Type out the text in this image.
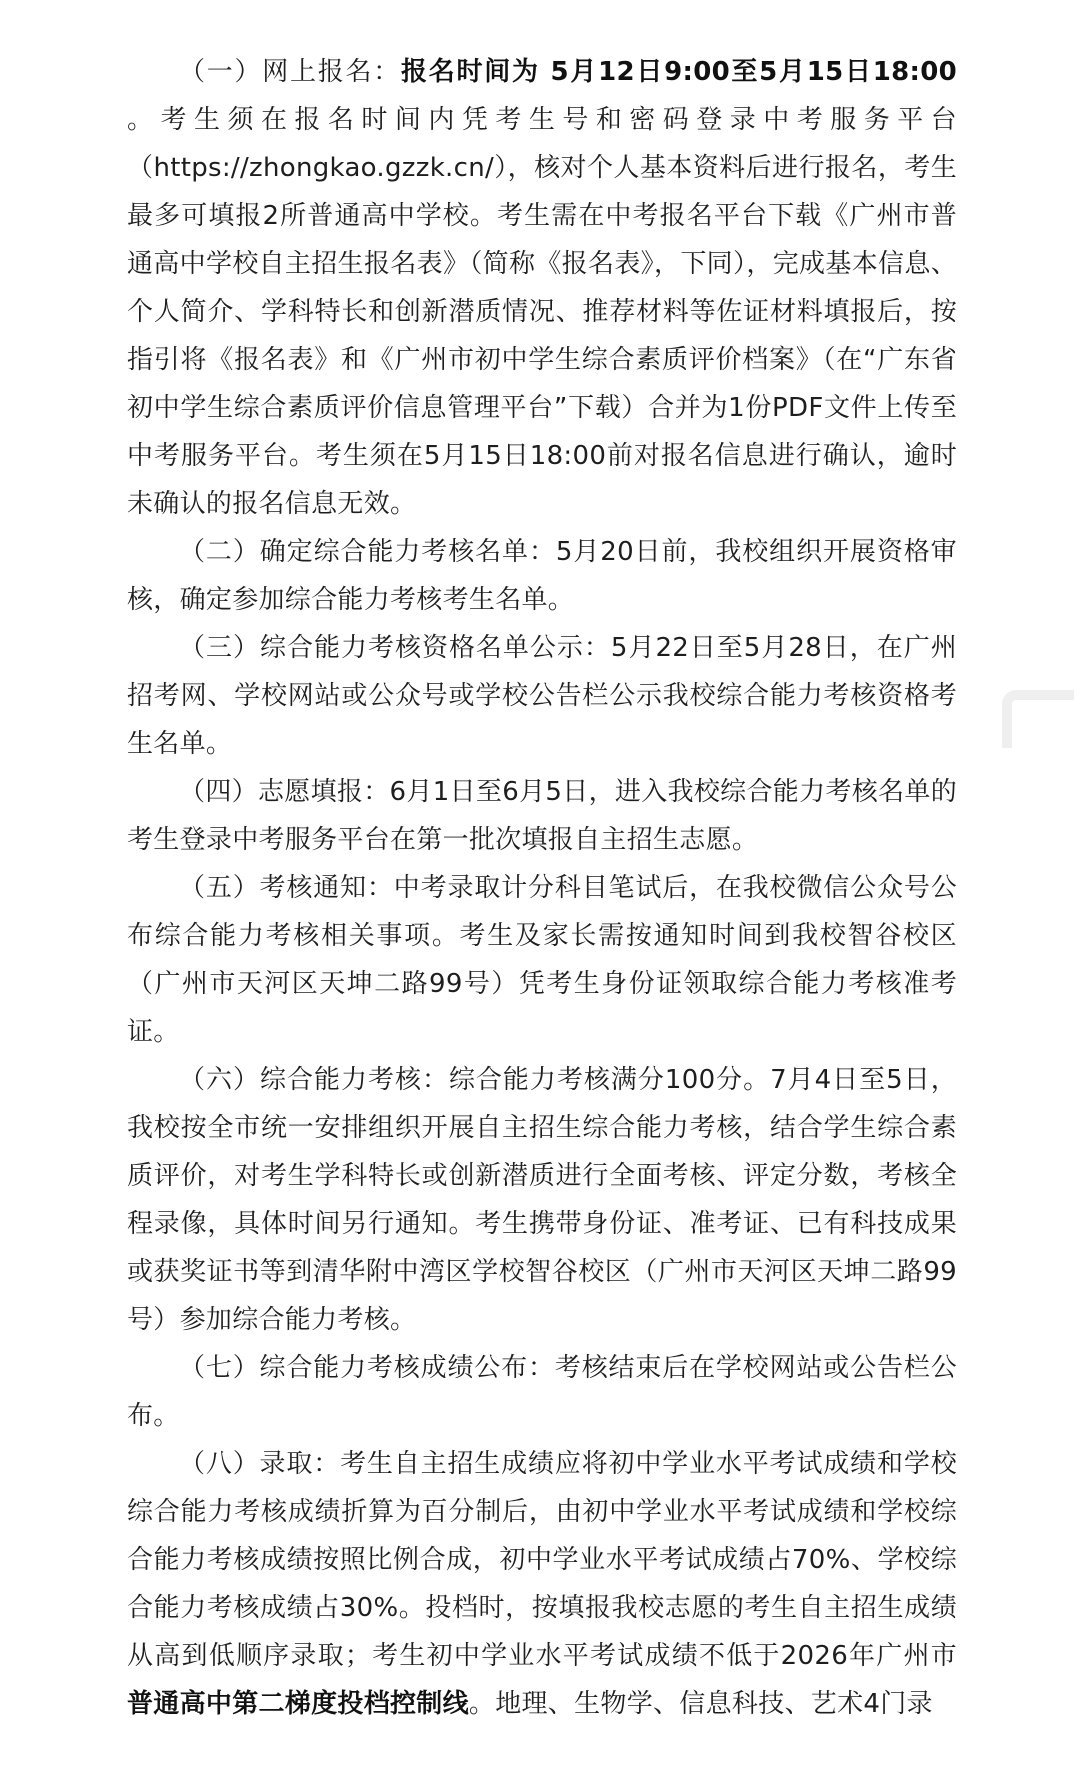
（一）网上报名：报名时间为 5月12日9:00至5月15日18:00 。考生须在报名时间内凭考生号和密码登录中考服务平台（https://zhongkao.gzzk.cn/），核对个人基本资料后进行报名，考生最多可填报2所普通高中学校。考生需在中考报名平台下载《广州市普通高中学校自主招生报名表》（简称《报名表》，下同），完成基本信息、个人简介、学科特长和创新潜质情况、推荐材料等佐证材料填报后，按指引将《报名表》和《广州市初中学生综合素质评价档案》（在“广东省初中学生综合素质评价信息管理平台”下载）合并为1份PDF文件上传至中考服务平台。考生须在5月15日18:00前对报名信息进行确认，逾时未确认的报名信息无效。

（二）确定综合能力考核名单：5月20日前，我校组织开展资格审核，确定参加综合能力考核考生名单。

（三）综合能力考核资格名单公示：5月22日至5月28日，在广州招考网、学校网站或公众号或学校公告栏公示我校综合能力考核资格考生名单。

（四）志愿填报：6月1日至6月5日，进入我校综合能力考核名单的考生登录中考服务平台在第一批次填报自主招生志愿。

（五）考核通知：中考录取计分科目笔试后，在我校微信公众号公布综合能力考核相关事项。考生及家长需按通知时间到我校智谷校区（广州市天河区天坤二路99号）凭考生身份证领取综合能力考核准考证。

（六）综合能力考核：综合能力考核满分100分。7月4日至5日，我校按全市统一安排组织开展自主招生综合能力考核，结合学生综合素质评价，对考生学科特长或创新潜质进行全面考核、评定分数，考核全程录像，具体时间另行通知。考生携带身份证、准考证、已有科技成果或获奖证书等到清华附中湾区学校智谷校区（广州市天河区天坤二路99号）参加综合能力考核。

（七）综合能力考核成绩公布：考核结束后在学校网站或公告栏公布。

（八）录取：考生自主招生成绩应将初中学业水平考试成绩和学校综合能力考核成绩折算为百分制后，由初中学业水平考试成绩和学校综合能力考核成绩按照比例合成，初中学业水平考试成绩占70%、学校综合能力考核成绩占30%。投档时，按填报我校志愿的考生自主招生成绩从高到低顺序录取；考生初中学业水平考试成绩不低于2026年广州市普通高中第二梯度投档控制线。地理、生物学、信息科技、艺术4门录
